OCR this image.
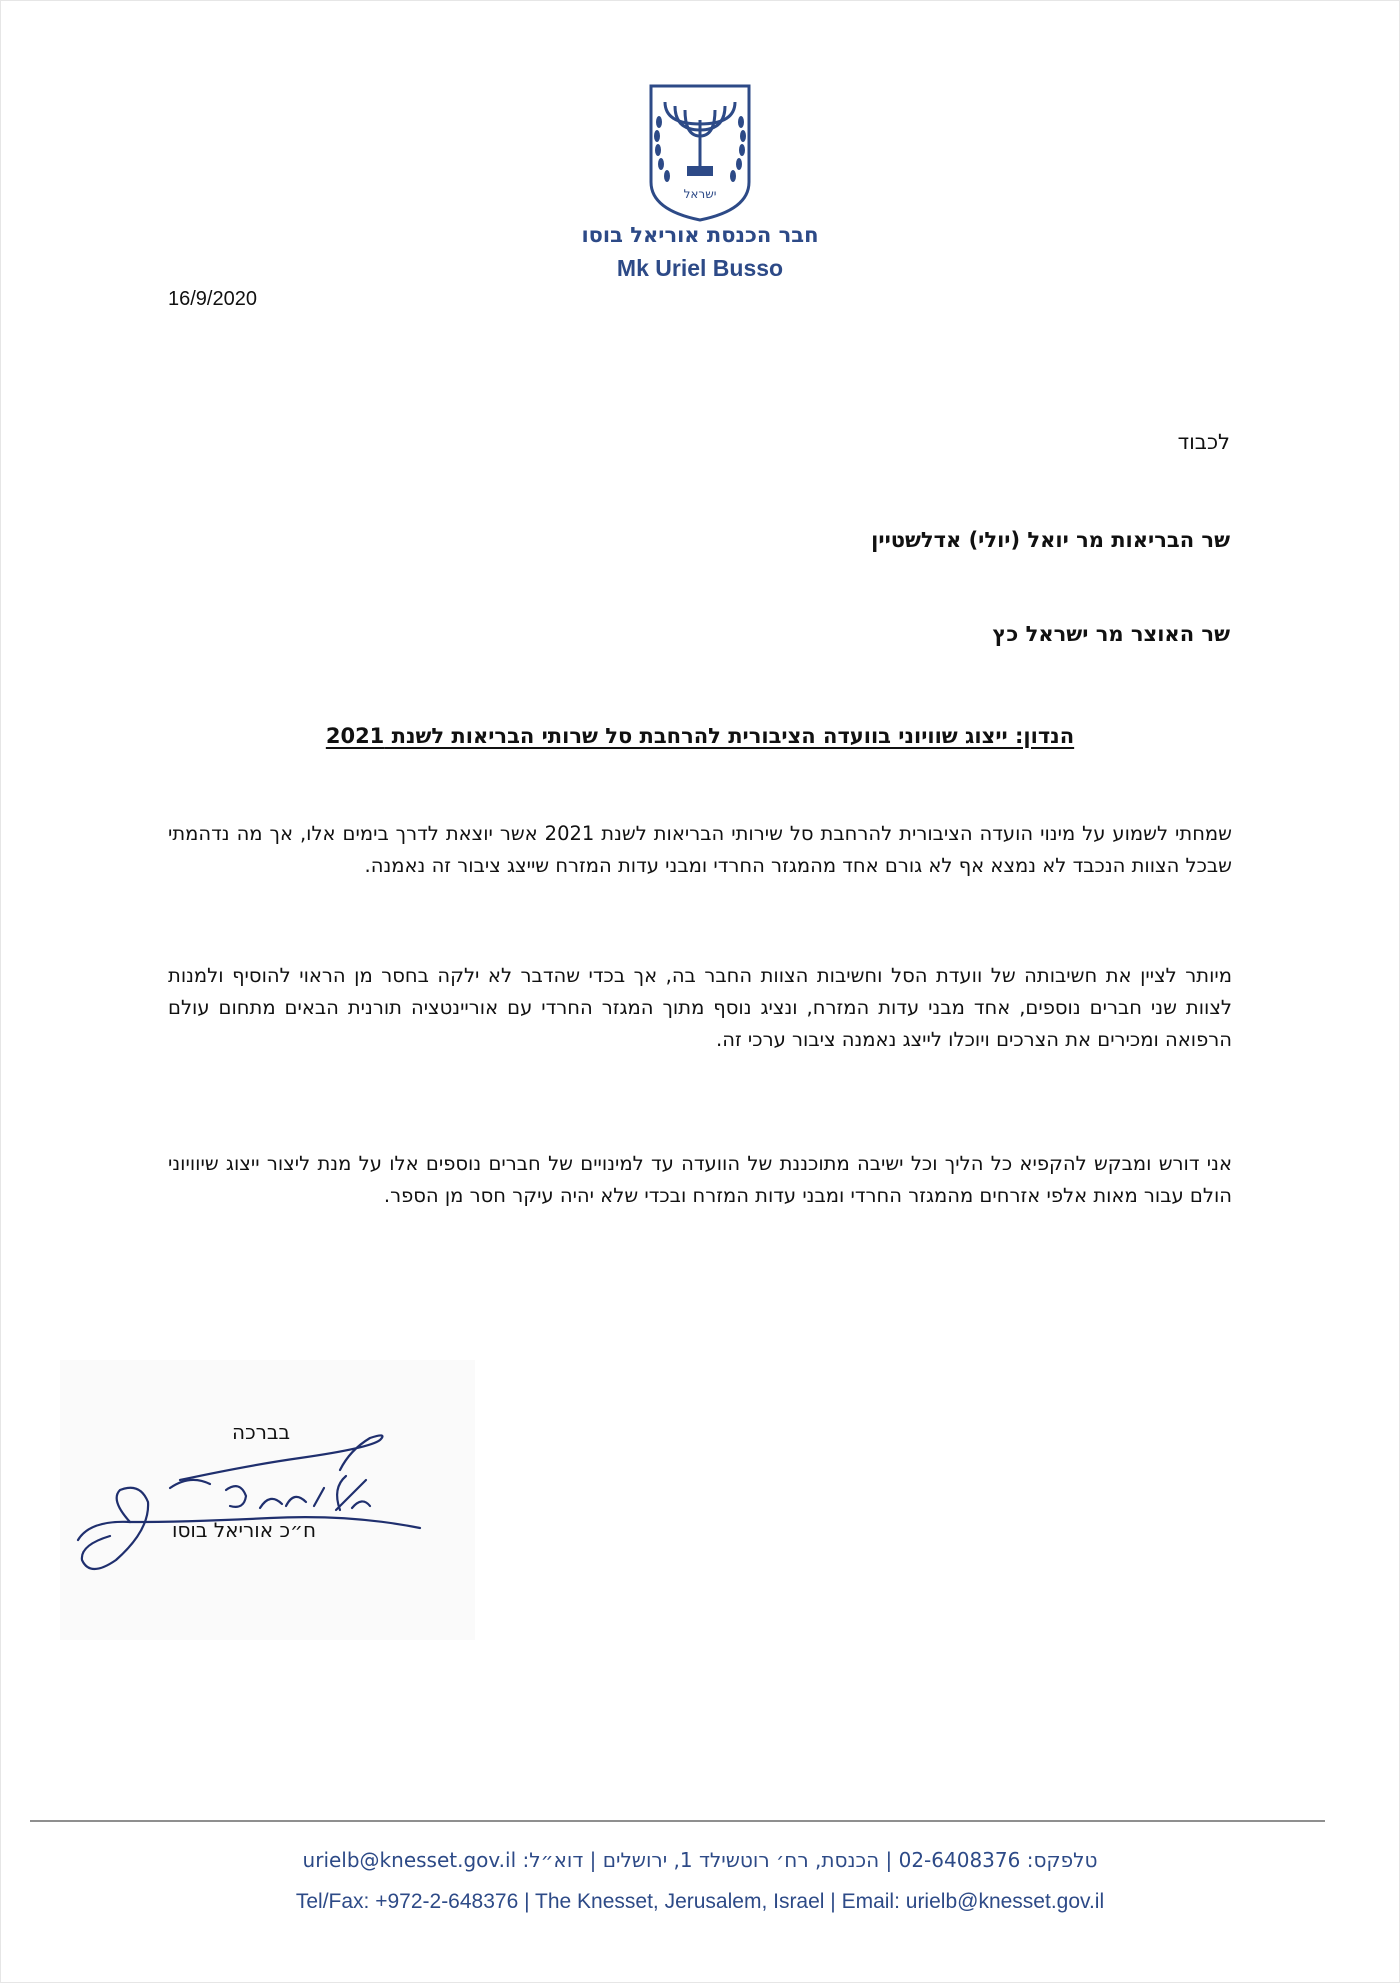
ישראל
חבר הכנסת אוריאל בוסו
Mk Uriel Busso
16/9/2020
לכבוד
שר הבריאות מר יואל (יולי) אדלשטיין
שר האוצר מר ישראל כץ
הנדון: ייצוג שוויוני בוועדה הציבורית להרחבת סל שרותי הבריאות לשנת 2021
שמחתי לשמוע על מינוי הועדה הציבורית להרחבת סל שירותי הבריאות לשנת 2021 אשר יוצאת לדרך בימים אלו, אך מה נדהמתי שבכל הצוות הנכבד לא נמצא אף לא גורם אחד מהמגזר החרדי ומבני עדות המזרח שייצג ציבור זה נאמנה.
מיותר לציין את חשיבותה של וועדת הסל וחשיבות הצוות החבר בה, אך בכדי שהדבר לא ילקה בחסר מן הראוי להוסיף ולמנות לצוות שני חברים נוספים, אחד מבני עדות המזרח, ונציג נוסף מתוך המגזר החרדי עם אוריינטציה תורנית הבאים מתחום עולם הרפואה ומכירים את הצרכים ויוכלו לייצג נאמנה ציבור ערכי זה.
אני דורש ומבקש להקפיא כל הליך וכל ישיבה מתוכננת של הוועדה עד למינויים של חברים נוספים אלו על מנת ליצור ייצוג שיוויוני הולם עבור מאות אלפי אזרחים מהמגזר החרדי ומבני עדות המזרח ובכדי שלא יהיה עיקר חסר מן הספר.
בברכה
ח״כ אוריאל בוסו
טלפקס: 02-6408376 | הכנסת, רח׳ רוטשילד 1, ירושלים | דוא״ל: urielb@knesset.gov.il
Tel/Fax: +972-2-648376 | The Knesset, Jerusalem, Israel | Email: urielb@knesset.gov.il
